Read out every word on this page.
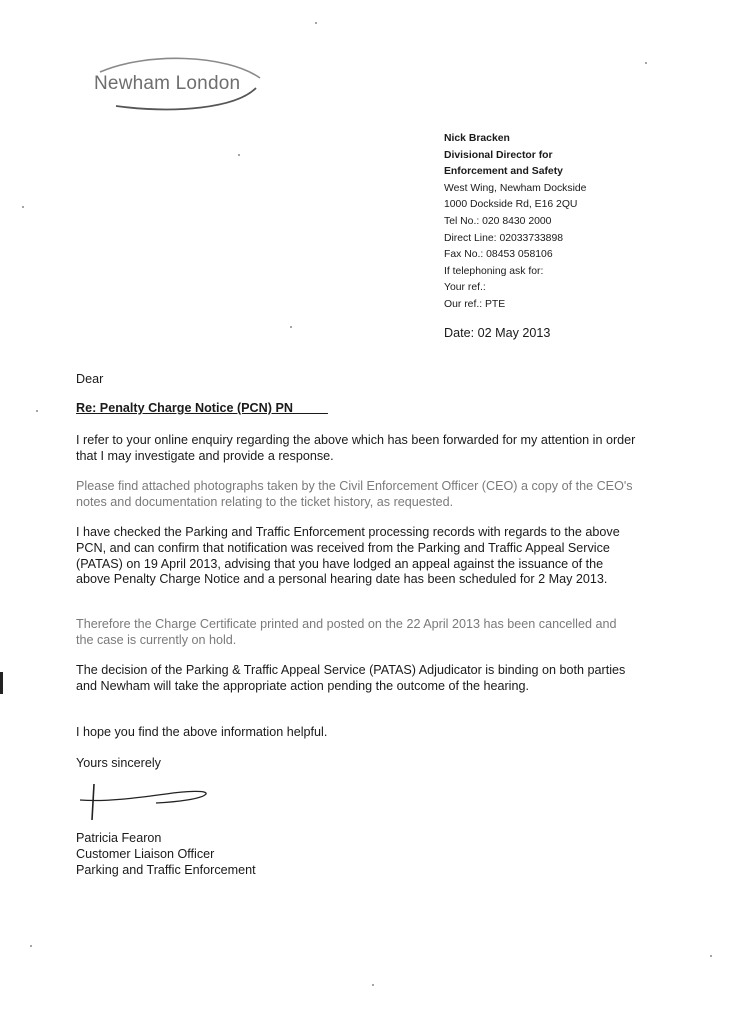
Newham London
Nick Bracken
Divisional Director for
Enforcement and Safety
West Wing, Newham Dockside
1000 Dockside Rd, E16 2QU
Tel No.: 020 8430 2000
Direct Line: 02033733898
Fax No.: 08453 058106
If telephoning ask for:
Your ref.:
Our ref.: PTE
Date: 02 May 2013
Dear
Re: Penalty Charge Notice (PCN) PN
I refer to your online enquiry regarding the above which has been forwarded for my attention in order that I may investigate and provide a response.
Please find attached photographs taken by the Civil Enforcement Officer (CEO) a copy of the CEO's notes and documentation relating to the ticket history, as requested.
I have checked the Parking and Traffic Enforcement processing records with regards to the above PCN, and can confirm that notification was received from the Parking and Traffic Appeal Service (PATAS) on 19 April 2013, advising that you have lodged an appeal against the issuance of the above Penalty Charge Notice and a personal hearing date has been scheduled for 2 May 2013.
Therefore the Charge Certificate printed and posted on the 22 April 2013 has been cancelled and the case is currently on hold.
The decision of the Parking & Traffic Appeal Service (PATAS) Adjudicator is binding on both parties and Newham will take the appropriate action pending the outcome of the hearing.
I hope you find the above information helpful.
Yours sincerely
Patricia Fearon
Customer Liaison Officer
Parking and Traffic Enforcement
